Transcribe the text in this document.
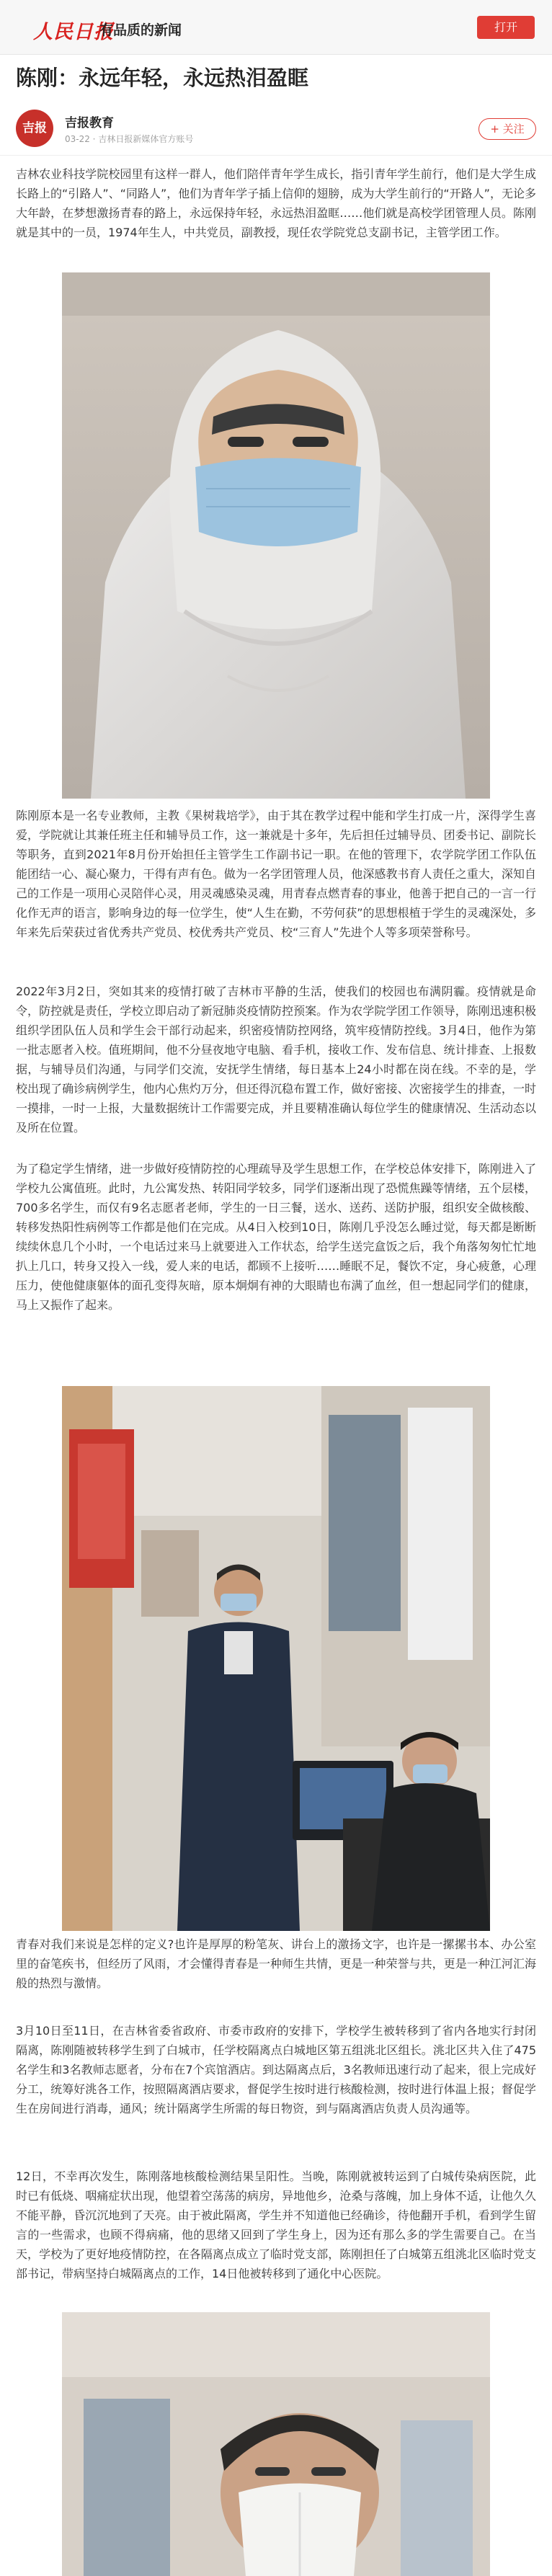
人民日报
有品质的新闻	打开
陈刚：永远年轻，永远热泪盈眶
吉报	吉报教育
03-22 · 吉林日报新媒体官方账号
+ 关注

吉林农业科技学院校园里有这样一群人，他们陪伴青年学生成长，指引青年学生前行，他们是大学生成长路上的“引路人”、“同路人”，他们为青年学子插上信仰的翅膀，成为大学生前行的“开路人”，无论多大年龄，在梦想激扬青春的路上，永远保持年轻，永远热泪盈眶……他们就是高校学团管理人员。陈刚就是其中的一员，1974年生人，中共党员，副教授，现任农学院党总支副书记，主管学团工作。

陈刚原本是一名专业教师，主教《果树栽培学》，由于其在教学过程中能和学生打成一片，深得学生喜爱，学院就让其兼任班主任和辅导员工作，这一兼就是十多年，先后担任过辅导员、团委书记、副院长等职务，直到2021年8月份开始担任主管学生工作副书记一职。在他的管理下，农学院学团工作队伍能团结一心、凝心聚力，干得有声有色。做为一名学团管理人员，他深感教书育人责任之重大，深知自己的工作是一项用心灵陪伴心灵，用灵魂感染灵魂，用青春点燃青春的事业，他善于把自己的一言一行化作无声的语言，影响身边的每一位学生，使“人生在勤，不劳何获”的思想根植于学生的灵魂深处，多年来先后荣获过省优秀共产党员、校优秀共产党员、校“三育人”先进个人等多项荣誉称号。

2022年3月2日，突如其来的疫情打破了吉林市平静的生活，使我们的校园也布满阴霾。疫情就是命令，防控就是责任，学校立即启动了新冠肺炎疫情防控预案。作为农学院学团工作领导，陈刚迅速积极组织学团队伍人员和学生会干部行动起来，织密疫情防控网络，筑牢疫情防控线。3月4日，他作为第一批志愿者入校。值班期间，他不分昼夜地守电脑、看手机，接收工作、发布信息、统计排查、上报数据，与辅导员们沟通，与同学们交流，安抚学生情绪，每日基本上24小时都在岗在线。不幸的是，学校出现了确诊病例学生，他内心焦灼万分，但还得沉稳布置工作，做好密接、次密接学生的排查，一时一摸排，一时一上报，大量数据统计工作需要完成，并且要精准确认每位学生的健康情况、生活动态以及所在位置。

为了稳定学生情绪，进一步做好疫情防控的心理疏导及学生思想工作，在学校总体安排下，陈刚进入了学校九公寓值班。此时，九公寓发热、转阳同学较多，同学们逐渐出现了恐慌焦躁等情绪，五个层楼，700多名学生，而仅有9名志愿者老师，学生的一日三餐，送水、送药、送防护服，组织安全做核酸、转移发热阳性病例等工作都是他们在完成。从4日入校到10日，陈刚几乎没怎么睡过觉，每天都是断断续续休息几个小时，一个电话过来马上就要进入工作状态，给学生送完盒饭之后，我个角落匆匆忙忙地扒上几口，转身又投入一线，爱人来的电话，都顾不上接听……睡眠不足，餐饮不定，身心疲惫，心理压力，使他健康躯体的面孔变得灰暗，原本炯炯有神的大眼睛也布满了血丝，但一想起同学们的健康，马上又振作了起来。

青春对我们来说是怎样的定义?也许是厚厚的粉笔灰、讲台上的激扬文字，也许是一摞摞书本、办公室里的奋笔疾书，但经历了风雨，才会懂得青春是一种师生共情，更是一种荣誉与共，更是一种江河汇海般的热烈与激情。

3月10日至11日，在吉林省委省政府、市委市政府的安排下，学校学生被转移到了省内各地实行封闭隔离，陈刚随被转移学生到了白城市，任学校隔离点白城地区第五组洮北区组长。洮北区共入住了475名学生和3名教师志愿者，分布在7个宾馆酒店。到达隔离点后，3名教师迅速行动了起来，很上完成好分工，统筹好洮各工作，按照隔离酒店要求，督促学生按时进行核酸检测，按时进行体温上报；督促学生在房间进行消毒，通风；统计隔离学生所需的每日物资，到与隔离酒店负责人员沟通等。

12日，不幸再次发生，陈刚落地核酸检测结果呈阳性。当晚，陈刚就被转运到了白城传染病医院，此时已有低烧、咽痛症状出现，他望着空荡荡的病房，异地他乡，沧桑与落魄，加上身体不适，让他久久不能平静，昏沉沉地到了天亮。由于被此隔离，学生并不知道他已经确诊，待他翻开手机，看到学生留言的一些需求，也顾不得病痛，他的思绪又回到了学生身上，因为还有那么多的学生需要自己。在当天，学校为了更好地疫情防控，在各隔离点成立了临时党支部，陈刚担任了白城第五组洮北区临时党支部书记，带病坚持白城隔离点的工作，14日他被转移到了通化中心医院。
